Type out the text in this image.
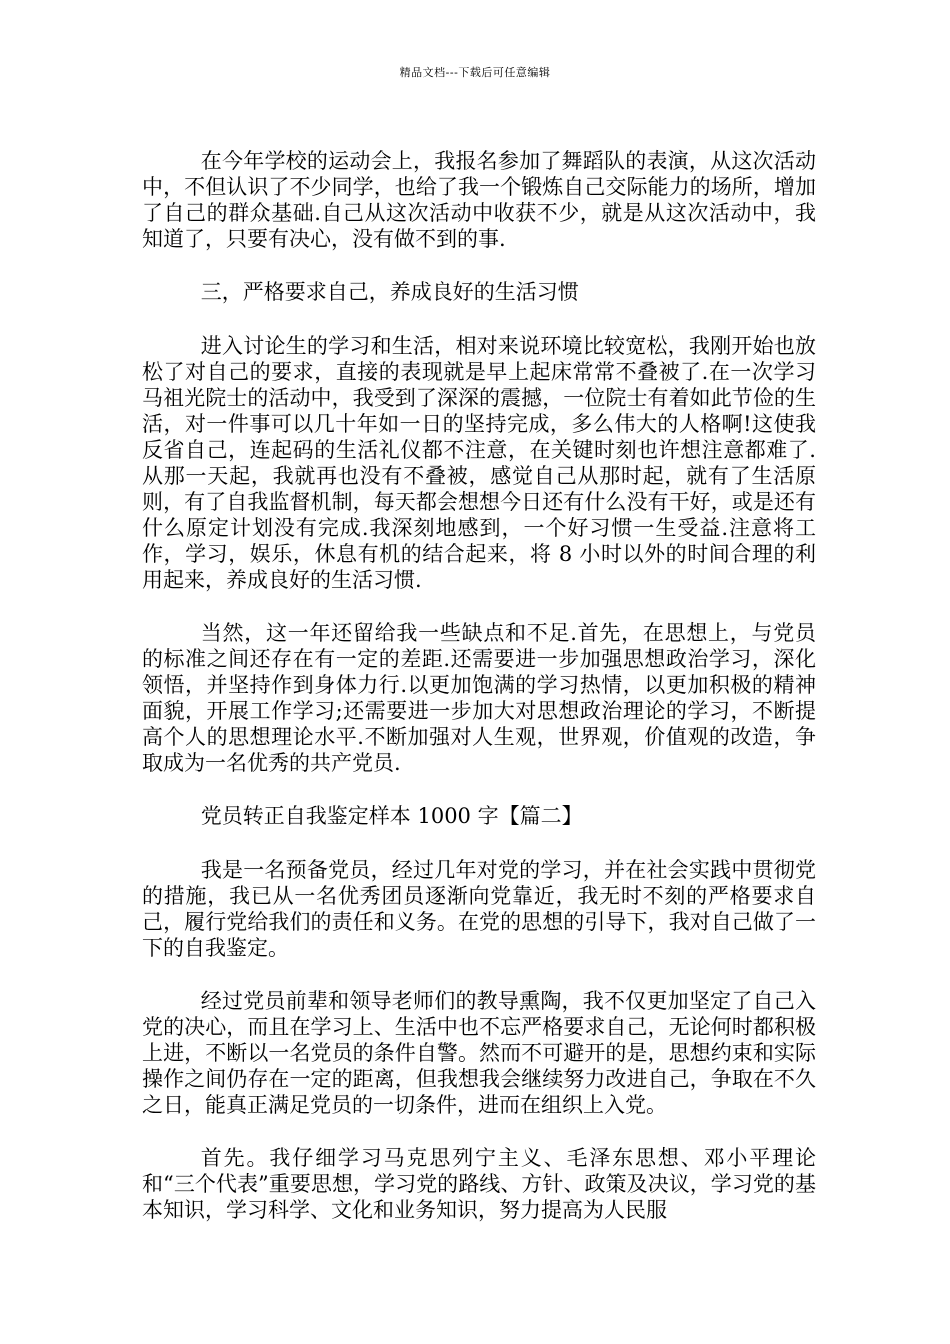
精品文档---下载后可任意编辑

在今年学校的运动会上，我报名参加了舞蹈队的表演，从这次活动中，不但认识了不少同学，也给了我一个锻炼自己交际能力的场所，增加了自己的群众基础.自己从这次活动中收获不少，就是从这次活动中，我知道了，只要有决心，没有做不到的事.

三，严格要求自己，养成良好的生活习惯

进入讨论生的学习和生活，相对来说环境比较宽松，我刚开始也放松了对自己的要求，直接的表现就是早上起床常常不叠被了.在一次学习马祖光院士的活动中，我受到了深深的震撼，一位院士有着如此节俭的生活，对一件事可以几十年如一日的坚持完成，多么伟大的人格啊!这使我反省自己，连起码的生活礼仪都不注意，在关键时刻也许想注意都难了.从那一天起，我就再也没有不叠被，感觉自己从那时起，就有了生活原则，有了自我监督机制，每天都会想想今日还有什么没有干好，或是还有什么原定计划没有完成.我深刻地感到，一个好习惯一生受益.注意将工作，学习，娱乐，休息有机的结合起来，将 8 小时以外的时间合理的利用起来，养成良好的生活习惯.

当然，这一年还留给我一些缺点和不足.首先，在思想上，与党员的标准之间还存在有一定的差距.还需要进一步加强思想政治学习，深化领悟，并坚持作到身体力行.以更加饱满的学习热情，以更加积极的精神面貌，开展工作学习;还需要进一步加大对思想政治理论的学习，不断提高个人的思想理论水平.不断加强对人生观，世界观，价值观的改造，争取成为一名优秀的共产党员.

党员转正自我鉴定样本 1000 字【篇二】

我是一名预备党员，经过几年对党的学习，并在社会实践中贯彻党的措施，我已从一名优秀团员逐渐向党靠近，我无时不刻的严格要求自己，履行党给我们的责任和义务。在党的思想的引导下，我对自己做了一下的自我鉴定。

经过党员前辈和领导老师们的教导熏陶，我不仅更加坚定了自己入党的决心，而且在学习上、生活中也不忘严格要求自己，无论何时都积极上进，不断以一名党员的条件自警。然而不可避开的是，思想约束和实际操作之间仍存在一定的距离，但我想我会继续努力改进自己，争取在不久之日，能真正满足党员的一切条件，进而在组织上入党。

首先。我仔细学习马克思列宁主义、毛泽东思想、邓小平理论和“三个代表”重要思想，学习党的路线、方针、政策及决议，学习党的基本知识，学习科学、文化和业务知识，努力提高为人民服
